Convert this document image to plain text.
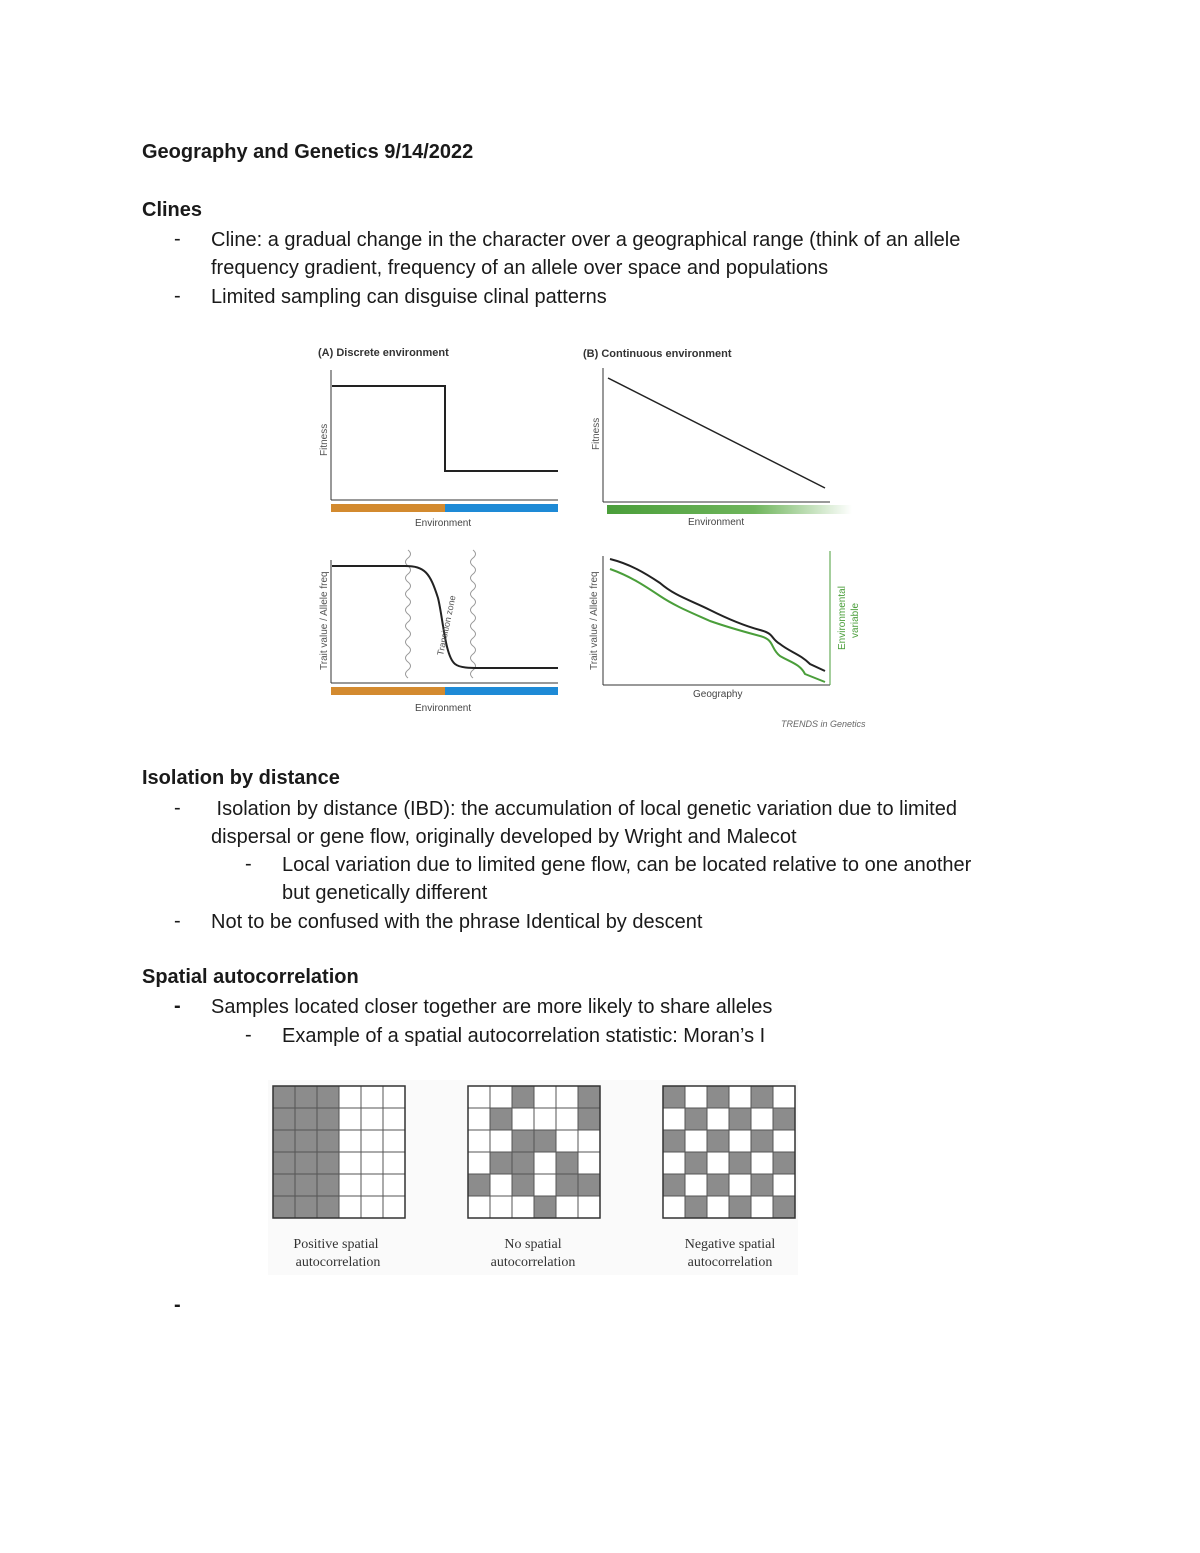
Geography and Genetics 9/14/2022
Clines
- Cline: a gradual change in the character over a geographical range (think of an allele
frequency gradient, frequency of an allele over space and populations
- Limited sampling can disguise clinal patterns
(A) Discrete environment
Fitness
Environment
(B) Continuous environment
Fitness
Environment
Trait value / Allele freq	Transition zone
Environment
Trait value / Allele freq
Geography
Environmental variable
TRENDS in Genetics
Isolation by distance
- Isolation by distance (IBD): the accumulation of local genetic variation due to limited
dispersal or gene flow, originally developed by Wright and Malecot
- Local variation due to limited gene flow, can be located relative to one another
but genetically different
- Not to be confused with the phrase Identical by descent
Spatial autocorrelation
- Samples located closer together are more likely to share alleles
- Example of a spatial autocorrelation statistic: Moran’s I
Positive spatial
autocorrelation
No spatial
autocorrelation
Negative spatial
autocorrelation
-
